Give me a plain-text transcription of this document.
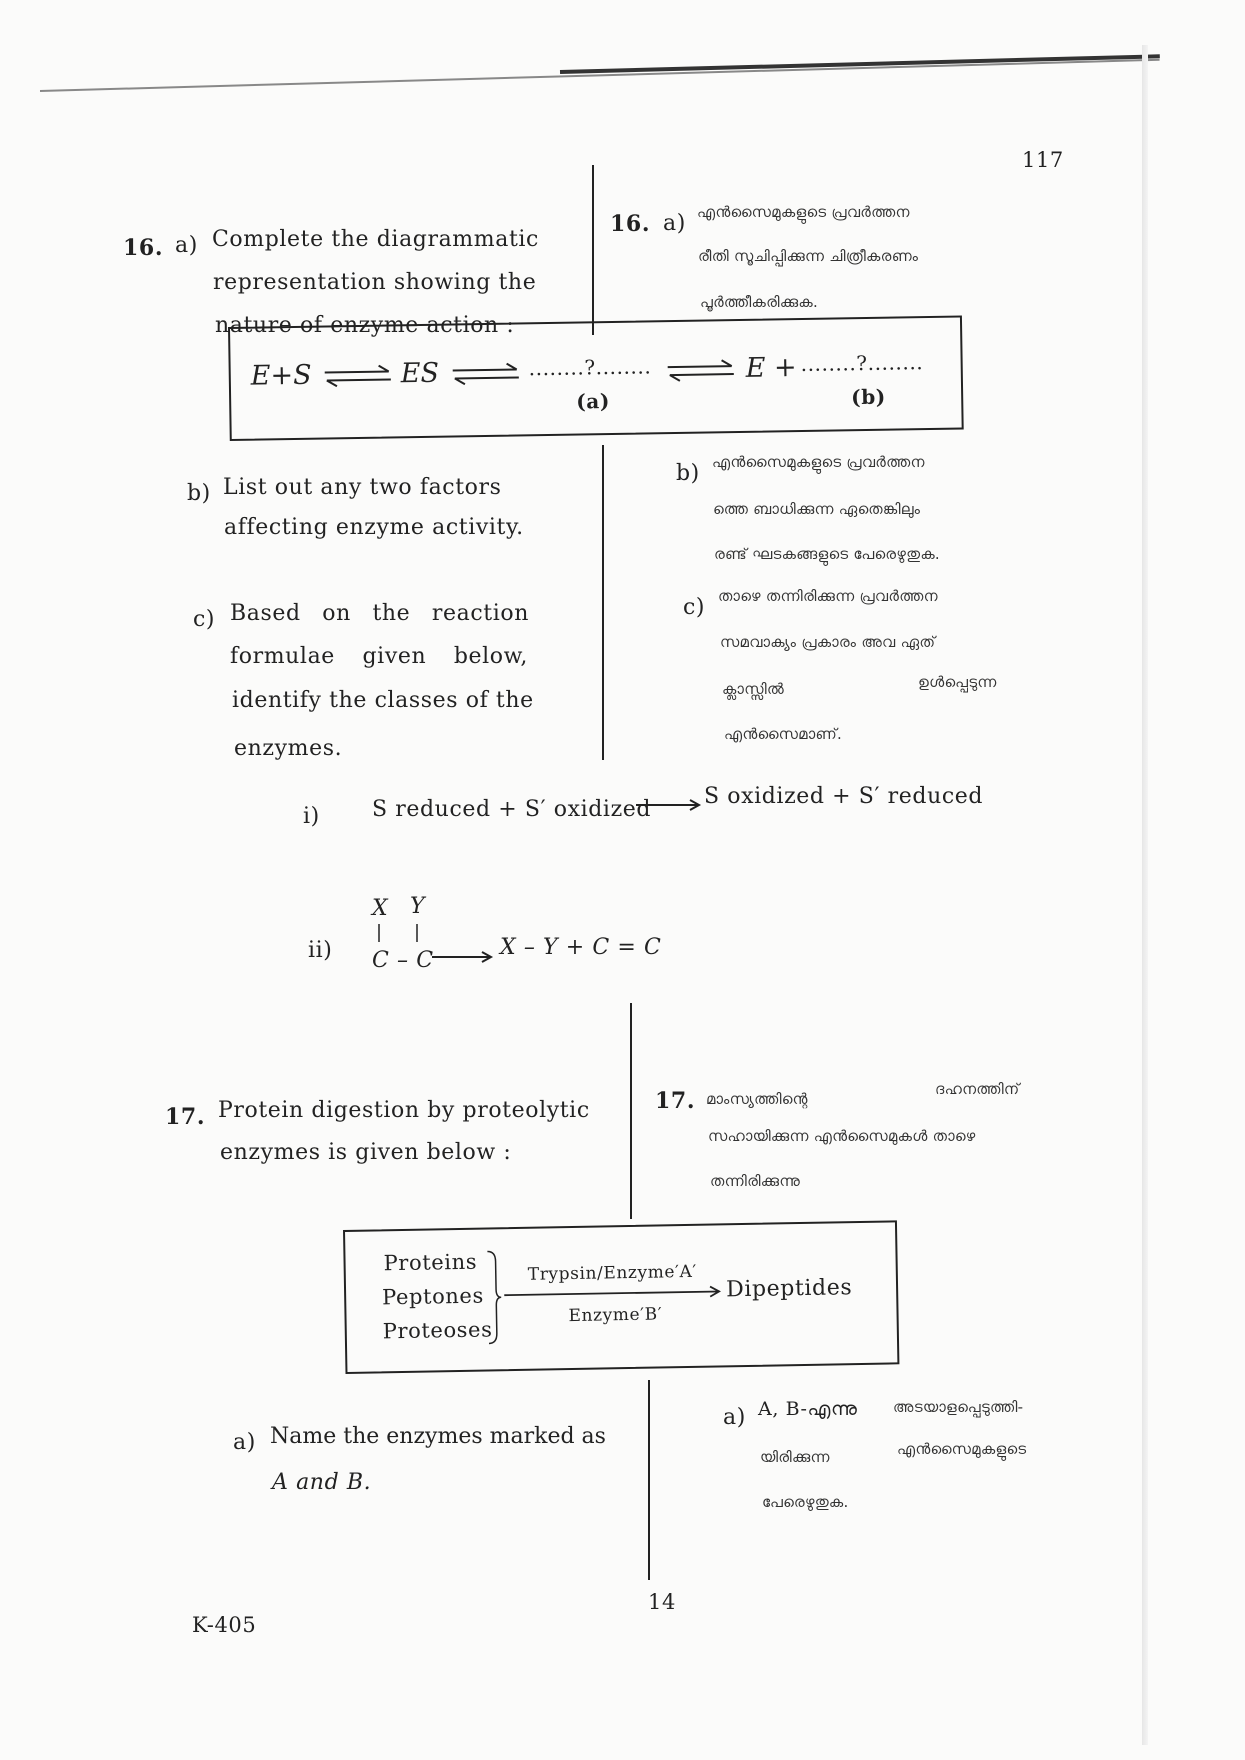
117
16. a) Complete the diagrammatic
representation showing the
nature of enzyme action :
16. a) എൻസൈമുകളുടെ പ്രവർത്തന
രീതി സൂചിപ്പിക്കുന്ന ചിത്രീകരണം
പൂർത്തീകരിക്കുക.
E+S	ES	........?........
(a)
E + ........?........
(b)
b) List out any two factors
affecting enzyme activity.
b) എൻസൈമുകളുടെ പ്രവർത്തന
ത്തെ ബാധിക്കുന്ന ഏതെങ്കിലും
രണ്ട് ഘടകങ്ങളുടെ പേരെഴുതുക.
c) Based on the reaction
formulae given below,
identify the classes of the
enzymes.
c) താഴെ തന്നിരിക്കുന്ന പ്രവർത്തന
സമവാക്യം പ്രകാരം അവ ഏത്
ക്ലാസ്സിൽ	ഉൾപ്പെടുന്ന
എൻസൈമാണ്.
i) S reduced + S′ oxidized
S oxidized + S′ reduced
X Y
ii) C – C
X – Y + C = C
17. Protein digestion by proteolytic
enzymes is given below :
17. മാംസ്യത്തിന്റെ
ദഹനത്തിന്
സഹായിക്കുന്ന എൻസൈമുകൾ താഴെ
തന്നിരിക്കുന്നു
Proteins
Peptones
Proteoses
Trypsin/Enzyme′A′
Enzyme′B′
Dipeptides
a) Name the enzymes marked as
A and B.
a) A, B-എന്നു അടയാളപ്പെടുത്തി-
യിരിക്കുന്ന	എൻസൈമുകളുടെ
പേരെഴുതുക.
14
K-405
